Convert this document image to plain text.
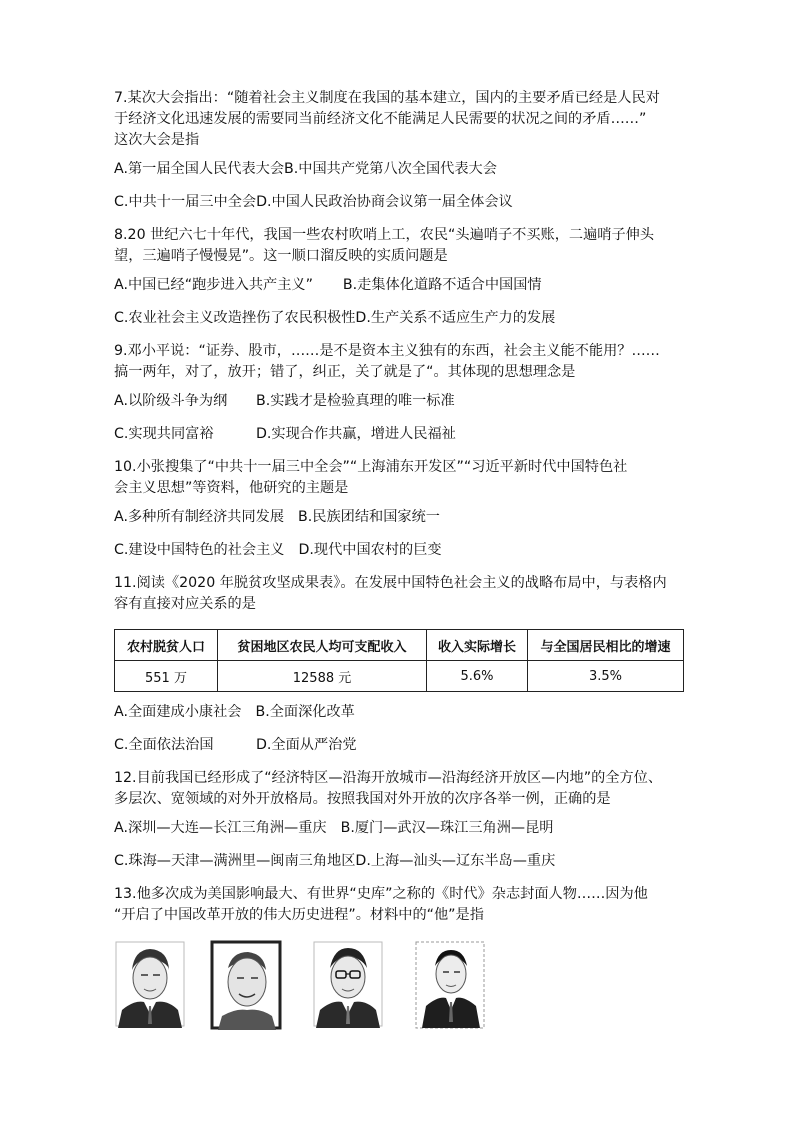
7.某次大会指出：“随着社会主义制度在我国的基本建立，国内的主要矛盾已经是人民对
于经济文化迅速发展的需要同当前经济文化不能满足人民需要的状况之间的矛盾……”
这次大会是指

A.第一届全国人民代表大会B.中国共产党第八次全国代表大会

C.中共十一届三中全会D.中国人民政治协商会议第一届全体会议

8.20 世纪六七十年代，我国一些农村吹哨上工，农民“头遍哨子不买账，二遍哨子伸头
望，三遍哨子慢慢晃”。这一顺口溜反映的实质问题是

A.中国已经“跑步进入共产主义” B.走集体化道路不适合中国国情

C.农业社会主义改造挫伤了农民积极性D.生产关系不适应生产力的发展

9.邓小平说：“证券、股市，……是不是资本主义独有的东西，社会主义能不能用？……
搞一两年，对了，放开；错了，纠正，关了就是了“。其体现的思想理念是

A.以阶级斗争为纲 B.实践才是检验真理的唯一标准

C.实现共同富裕	D.实现合作共赢，增进人民福祉

10.小张搜集了“中共十一届三中全会”“上海浦东开发区”“习近平新时代中国特色社
会主义思想”等资料，他研究的主题是

A.多种所有制经济共同发展 B.民族团结和国家统一

C.建设中国特色的社会主义 D.现代中国农村的巨变

11.阅读《2020 年脱贫攻坚成果表》。在发展中国特色社会主义的战略布局中，与表格内
容有直接对应关系的是

农村脱贫人口	贫困地区农民人均可支配收入	收入实际增长	与全国居民相比的增速
551 万	12588 元	5.6%	3.5%

A.全面建成小康社会 B.全面深化改革

C.全面依法治国	D.全面从严治党

12.目前我国已经形成了“经济特区—沿海开放城市—沿海经济开放区—内地”的全方位、
多层次、宽领域的对外开放格局。按照我国对外开放的次序各举一例，正确的是

A.深圳—大连—长江三角洲—重庆 B.厦门—武汉—珠江三角洲—昆明

C.珠海—天津—满洲里—闽南三角地区D.上海—汕头—辽东半岛—重庆

13.他多次成为美国影响最大、有世界“史库”之称的《时代》杂志封面人物……因为他
“开启了中国改革开放的伟大历史进程”。材料中的“他”是指
